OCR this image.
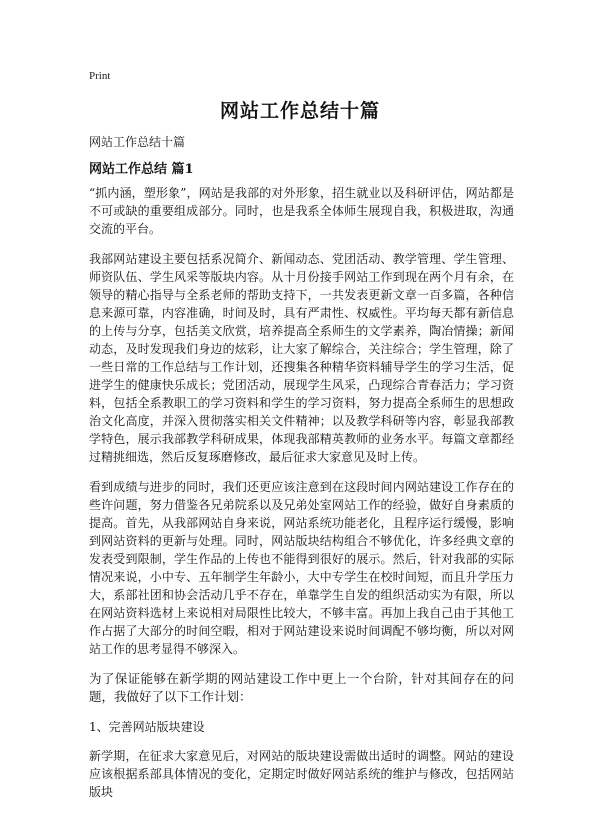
Print
网站工作总结十篇
网站工作总结十篇
网站工作总结 篇1

“抓内涵，塑形象”，网站是我部的对外形象，招生就业以及科研评估，网站都是不可或缺的重要组成部分。同时，也是我系全体师生展现自我，积极进取，沟通交流的平台。

我部网站建设主要包括系况简介、新闻动态、党团活动、教学管理、学生管理、师资队伍、学生风采等版块内容。从十月份接手网站工作到现在两个月有余，在领导的精心指导与全系老师的帮助支持下，一共发表更新文章一百多篇，各种信息来源可靠，内容准确，时间及时，具有严肃性、权威性。平均每天都有新信息的上传与分享，包括美文欣赏，培养提高全系师生的文学素养，陶冶情操；新闻动态，及时发现我们身边的炫彩，让大家了解综合，关注综合；学生管理，除了一些日常的工作总结与工作计划，还搜集各种精华资料辅导学生的学习生活，促进学生的健康快乐成长；党团活动，展现学生风采，凸现综合青春活力；学习资料，包括全系教职工的学习资料和学生的学习资料，努力提高全系师生的思想政治文化高度，并深入贯彻落实相关文件精神；以及教学科研等内容，彰显我部教学特色，展示我部教学科研成果，体现我部精英教师的业务水平。每篇文章都经过精挑细选，然后反复琢磨修改，最后征求大家意见及时上传。

看到成绩与进步的同时，我们还更应该注意到在这段时间内网站建设工作存在的些许问题，努力借鉴各兄弟院系以及兄弟处室网站工作的经验，做好自身素质的提高。首先，从我部网站自身来说，网站系统功能老化，且程序运行缓慢，影响到网站资料的更新与处理。同时，网站版块结构组合不够优化，许多经典文章的发表受到限制，学生作品的上传也不能得到很好的展示。然后，针对我部的实际情况来说，小中专、五年制学生年龄小，大中专学生在校时间短，而且升学压力大，系部社团和协会活动几乎不存在，单靠学生自发的组织活动实为有限，所以在网站资料选材上来说相对局限性比较大，不够丰富。再加上我自己由于其他工作占据了大部分的时间空暇，相对于网站建设来说时间调配不够均衡，所以对网站工作的思考显得不够深入。

为了保证能够在新学期的网站建设工作中更上一个台阶，针对其间存在的问题，我做好了以下工作计划：

1、完善网站版块建设

新学期，在征求大家意见后，对网站的版块建设需做出适时的调整。网站的建设应该根据系部具体情况的变化，定期定时做好网站系统的维护与修改，包括网站版块
